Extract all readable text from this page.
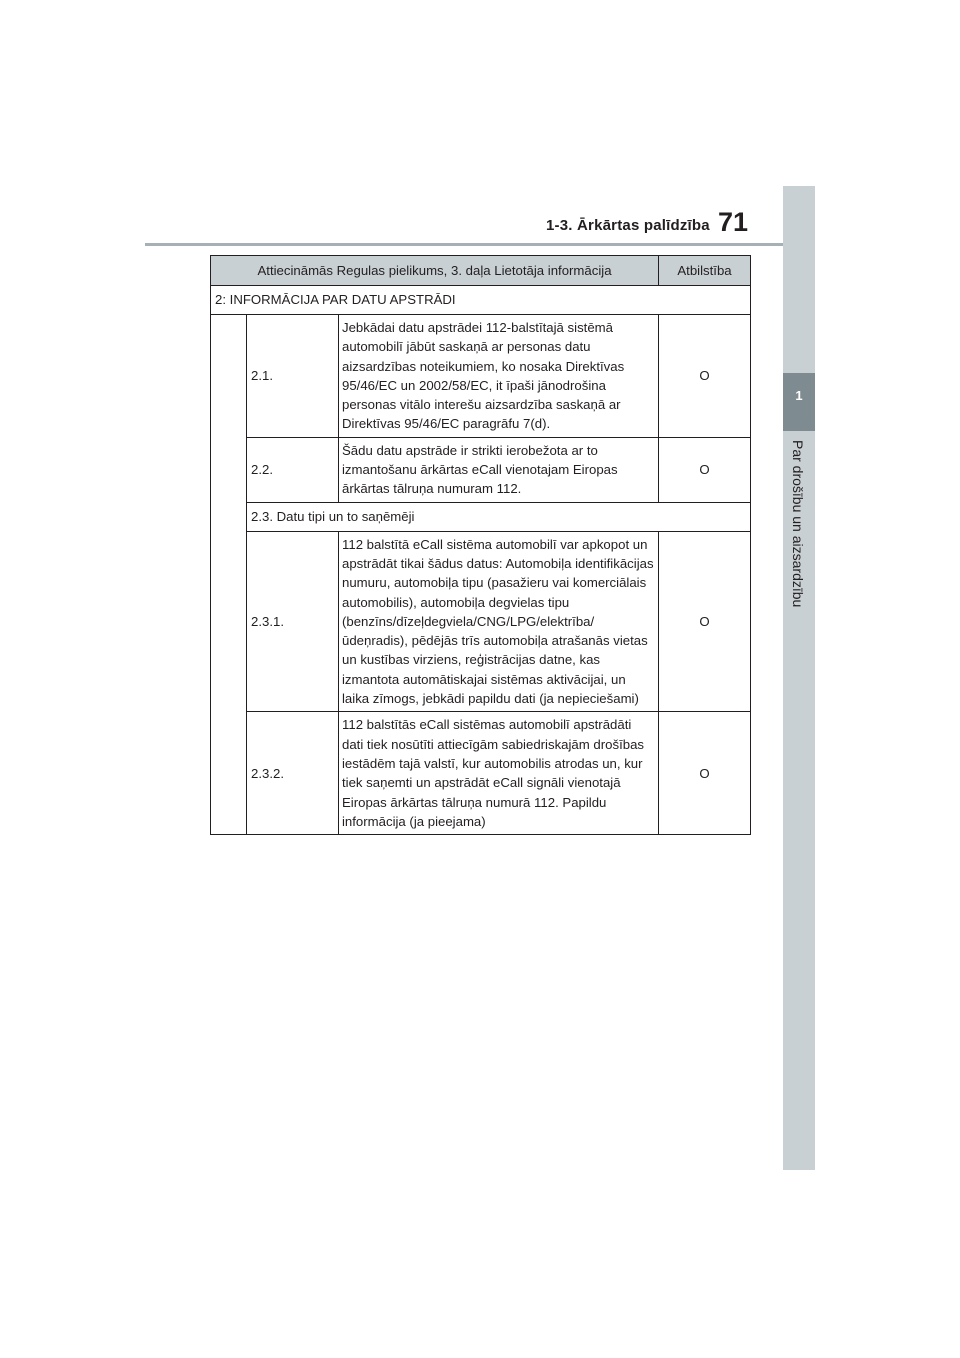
1
Par drošību un aizsardzību
1-3. Ārkārtas palīdzība 71
Attiecināmās Regulas pielikums, 3. daļa Lietotāja informācija			Atbilstība
2: INFORMĀCIJA PAR DATU APSTRĀDI			
	2.1.	Jebkādai datu apstrādei 112-balstītajā sistēmā automobilī jābūt saskaņā ar personas datu aizsardzības noteikumiem, ko nosaka Direktīvas 95/46/EC un 2002/58/EC, it īpaši jānodrošina personas vitālo interešu aizsardzība saskaņā ar Direktīvas 95/46/EC paragrāfu 7(d).	O
	2.2.	Šādu datu apstrāde ir strikti ierobežota ar to izmantošanu ārkārtas eCall vienotajam Eiropas ārkārtas tālruņa numuram 112.	O
	2.3. Datu tipi un to saņēmēji		
	2.3.1.	112 balstītā eCall sistēma automobilī var apkopot un apstrādāt tikai šādus datus: Automobiļa identifikācijas numuru, automobiļa tipu (pasažieru vai komerciālais automobilis), automobiļa degvielas tipu (benzīns/dīzeļdegviela/CNG/LPG/elektrība/ūdeņradis), pēdējās trīs automobiļa atrašanās vietas un kustības virziens, reģistrācijas datne, kas izmantota automātiskajai sistēmas aktivācijai, un laika zīmogs, jebkādi papildu dati (ja nepieciešami)	O
	2.3.2.	112 balstītās eCall sistēmas automobilī apstrādāti dati tiek nosūtīti attiecīgām sabiedriskajām drošības iestādēm tajā valstī, kur automobilis atrodas un, kur tiek saņemti un apstrādāt eCall signāli vienotajā Eiropas ārkārtas tālruņa numurā 112. Papildu informācija (ja pieejama)	O
